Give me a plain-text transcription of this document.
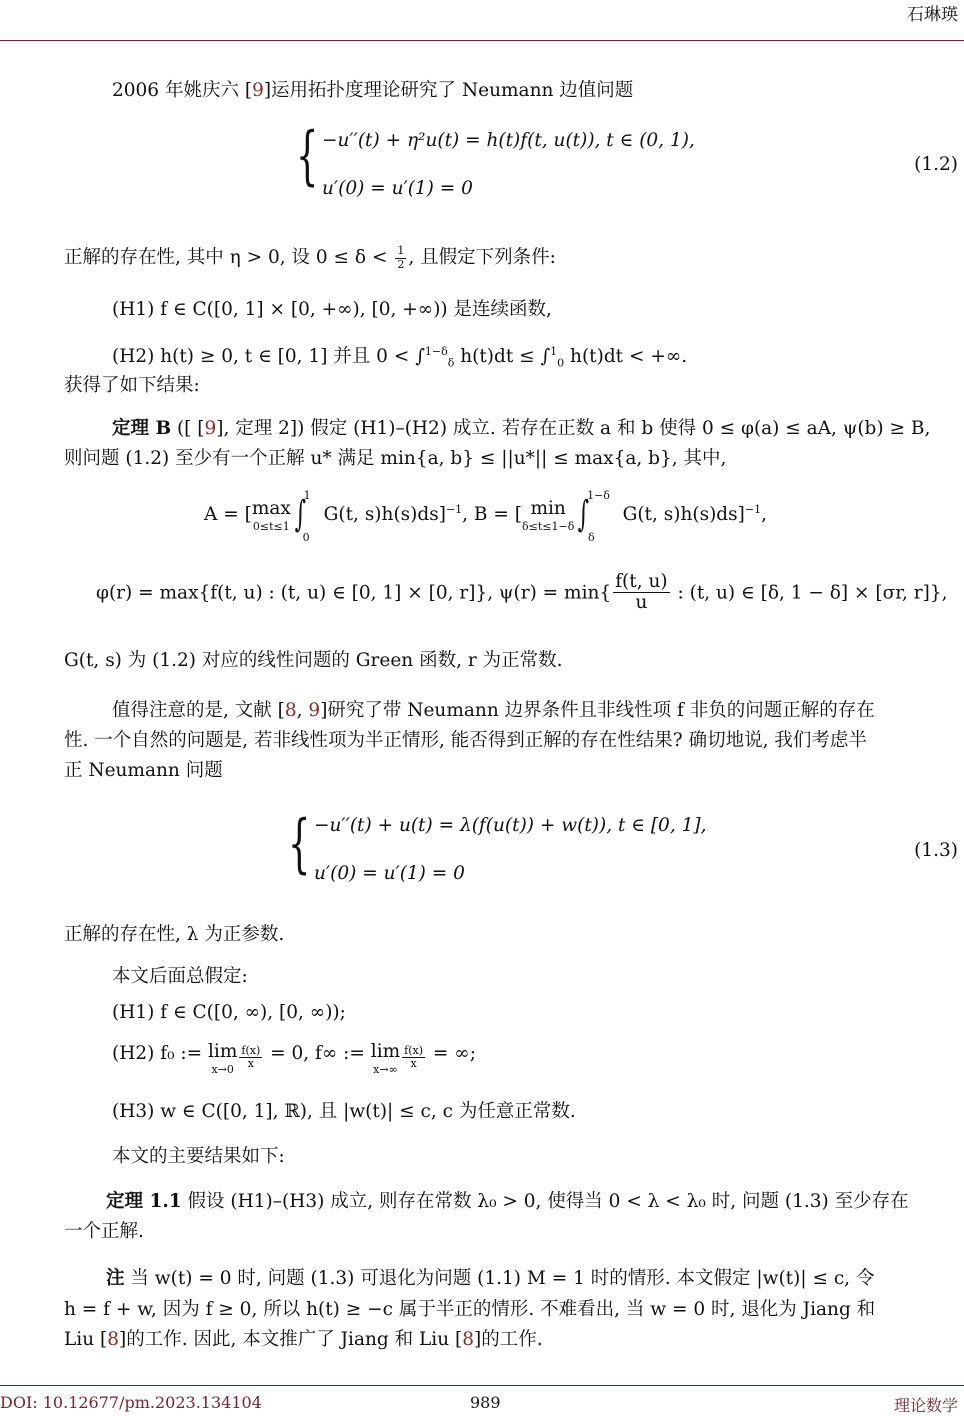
石琳瑛
2006 年姚庆六 [9]运用拓扑度理论研究了 Neumann 边值问题
{ −u′′(t) + η²u(t) = h(t)f(t, u(t)), t ∈ (0, 1),
u′(0) = u′(1) = 0
(1.2)
正解的存在性, 其中 η > 0, 设 $0 \le \delta < \frac{1}{2}$ , 且假定下列条件:
(H1) f ∈ C([0, 1] × [0, +∞), [0, +∞)) 是连续函数,
(H2) h(t) ≥ 0, t ∈ [0, 1] 并且 0 < ∫$^{1-\delta}_\delta$ h(t)dt ≤ ∫$^1_0$ h(t)dt < +∞.
获得了如下结果:
定理 B ([ [9], 定理 2]) 假定 (H1)–(H2) 成立. 若存在正数 a 和 b 使得 0 ≤ φ(a) ≤ aA, ψ(b) ≥ B,
则问题 (1.2) 至少有一个正解 u* 满足 min{a, b} ≤ ||u*|| ≤ max{a, b}, 其中,
A = [ max
0≤t≤1 ∫$^1_0$G(t, s)h(s)ds]$^{-1}$, B = [ min
δ≤t≤1−δ ∫$^{1-\delta}_\delta$G(t, s)h(s)ds]$^{-1}$,
φ(r) = max{f(t, u) : (t, u) ∈ [0, 1] × [0, r]}, $\psi(r) = \min\{ \frac{f(t, u)}{u}$ : (t, u) ∈ [δ, 1 − δ] × [σr, r]},
G(t, s) 为 (1.2) 对应的线性问题的 Green 函数, r 为正常数.
值得注意的是, 文献 [8, 9]研究了带 Neumann 边界条件且非线性项 f 非负的问题正解的存在
性. 一个自然的问题是, 若非线性项为半正情形, 能否得到正解的存在性结果? 确切地说, 我们考虑半
正 Neumann 问题
{ −u′′(t) + u(t) = λ(f(u(t)) + w(t)), t ∈ [0, 1],
u′(0) = u′(1) = 0
(1.3)
正解的存在性, λ 为正参数.
本文后面总假定:
(H1) f ∈ C([0, ∞), [0, ∞));
(H2) f₀ := lim
$x\to 0 \frac{f(x)}{x} = 0$, f∞ := lim
$x\to\infty \frac{f(x)}{x}$ = ∞;
(H3) w ∈ C([0, 1], ℝ), 且 |w(t)| ≤ c, c 为任意正常数.
本文的主要结果如下:
定理 1.1 假设 (H1)–(H3) 成立, 则存在常数 λ₀ > 0, 使得当 0 < λ < λ₀ 时, 问题 (1.3) 至少存在
一个正解.
注 当 w(t) = 0 时, 问题 (1.3) 可退化为问题 (1.1) M = 1 时的情形. 本文假定 |w(t)| ≤ c, 令
h = f + w, 因为 f ≥ 0, 所以 h(t) ≥ −c 属于半正的情形. 不难看出, 当 w = 0 时, 退化为 Jiang 和
Liu [8]的工作. 因此, 本文推广了 Jiang 和 Liu [8]的工作.
DOI: 10.12677/pm.2023.134104	989	理论数学
